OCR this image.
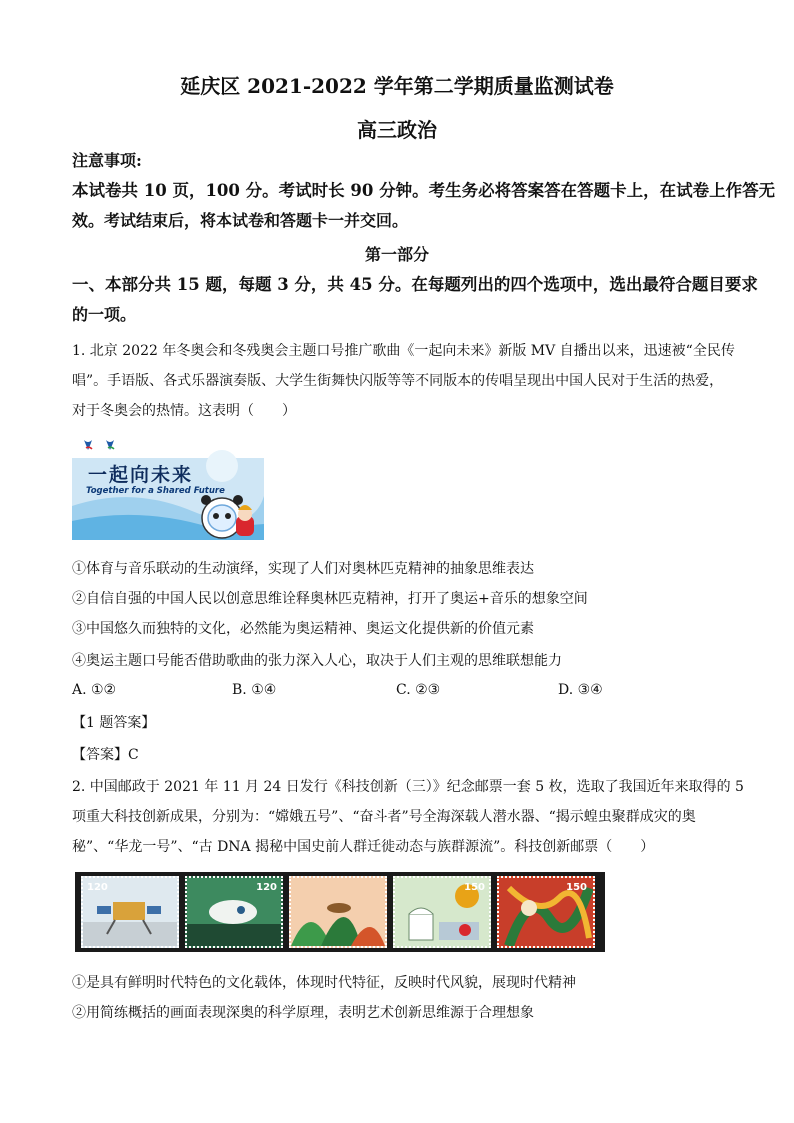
延庆区 2021-2022 学年第二学期质量监测试卷
高三政治
注意事项:
本试卷共 10 页，100 分。考试时长 90 分钟。考生务必将答案答在答题卡上，在试卷上作答无
效。考试结束后，将本试卷和答题卡一并交回。
第一部分
一、本部分共 15 题，每题 3 分，共 45 分。在每题列出的四个选项中，选出最符合题目要求
的一项。
1. 北京 2022 年冬奥会和冬残奥会主题口号推广歌曲《一起向未来》新版 MV 自播出以来，迅速被“全民传
唱”。手语版、各式乐器演奏版、大学生街舞快闪版等等不同版本的传唱呈现出中国人民对于生活的热爱，
对于冬奥会的热情。这表明（　　）
一起向未来
Together for a Shared Future
①体育与音乐联动的生动演绎，实现了人们对奥林匹克精神的抽象思维表达
②自信自强的中国人民以创意思维诠释奥林匹克精神，打开了奥运+音乐的想象空间
③中国悠久而独特的文化，必然能为奥运精神、奥运文化提供新的价值元素
④奥运主题口号能否借助歌曲的张力深入人心，取决于人们主观的思维联想能力
A. ①②	B. ①④	C. ②③	D. ③④
【1 题答案】
【答案】C
2. 中国邮政于 2021 年 11 月 24 日发行《科技创新（三）》纪念邮票一套 5 枚，选取了我国近年来取得的 5
项重大科技创新成果，分别为：“嫦娥五号”、“奋斗者”号全海深载人潜水器、“揭示蝗虫聚群成灾的奥
秘”、“华龙一号”、“古 DNA 揭秘中国史前人群迁徙动态与族群源流”。科技创新邮票（　　）
120	120	150	150
①是具有鲜明时代特色的文化载体，体现时代特征，反映时代风貌，展现时代精神
②用简练概括的画面表现深奥的科学原理，表明艺术创新思维源于合理想象
